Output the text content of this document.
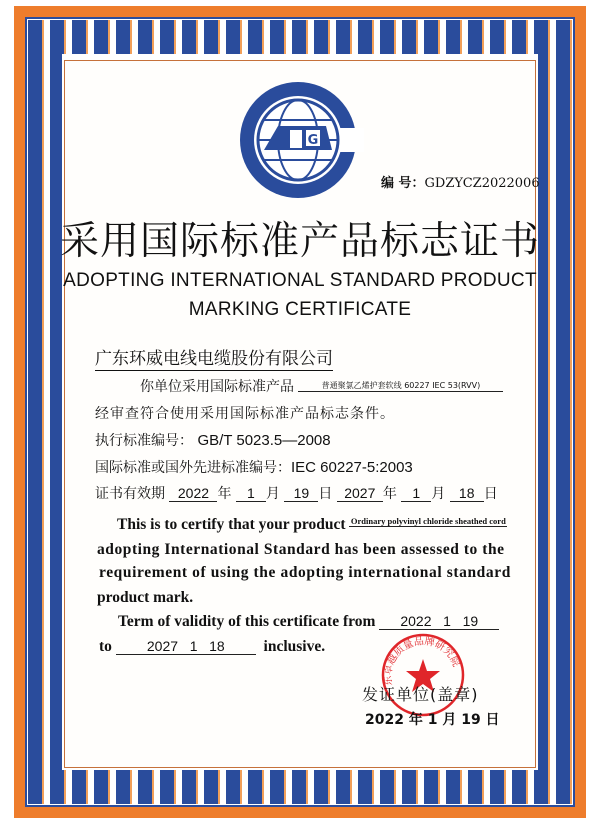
G
编 号：GDZYCZ2022006
采用国际标准产品标志证书
ADOPTING INTERNATIONAL STANDARD PRODUCT
MARKING CERTIFICATE
广东环威电线电缆股份有限公司
你单位采用国际标准产品	普通聚氯乙烯护套软线 60227 IEC 53(RVV)
经审查符合使用采用国际标准产品标志条件。
执行标准编号： GB/T 5023.5—2008
国际标准或国外先进标准编号：IEC 60227-5:2003
证书有效期 2022 年 1 月 19 日 2027 年 1 月 18 日
This is to certify that your product Ordinary polyvinyl chloride sheathed cord
adopting International Standard has been assessed to the
requirement of using the adopting international standard
product mark.
Term of validity of this certificate from 2022   1   19
to 2027   1   18	inclusive.
东卓越质量品牌研究院
发证单位(盖章)
2022 年 1 月 19 日
